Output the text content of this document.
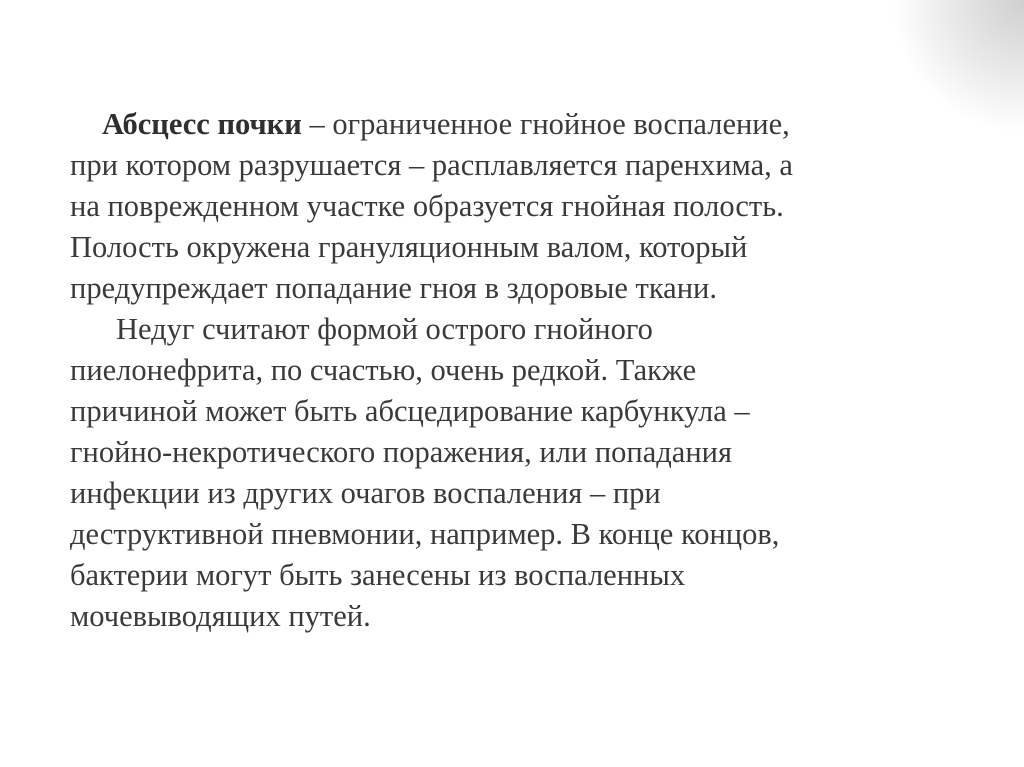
Абсцесс почки – ограниченное гнойное воспаление,
при котором разрушается – расплавляется паренхима, а
на поврежденном участке образуется гнойная полость.
Полость окружена грануляционным валом, который
предупреждает попадание гноя в здоровые ткани.
Недуг считают формой острого гнойного
пиелонефрита, по счастью, очень редкой. Также
причиной может быть абсцедирование карбункула –
гнойно-некротического поражения, или попадания
инфекции из других очагов воспаления – при
деструктивной пневмонии, например. В конце концов,
бактерии могут быть занесены из воспаленных
мочевыводящих путей.
